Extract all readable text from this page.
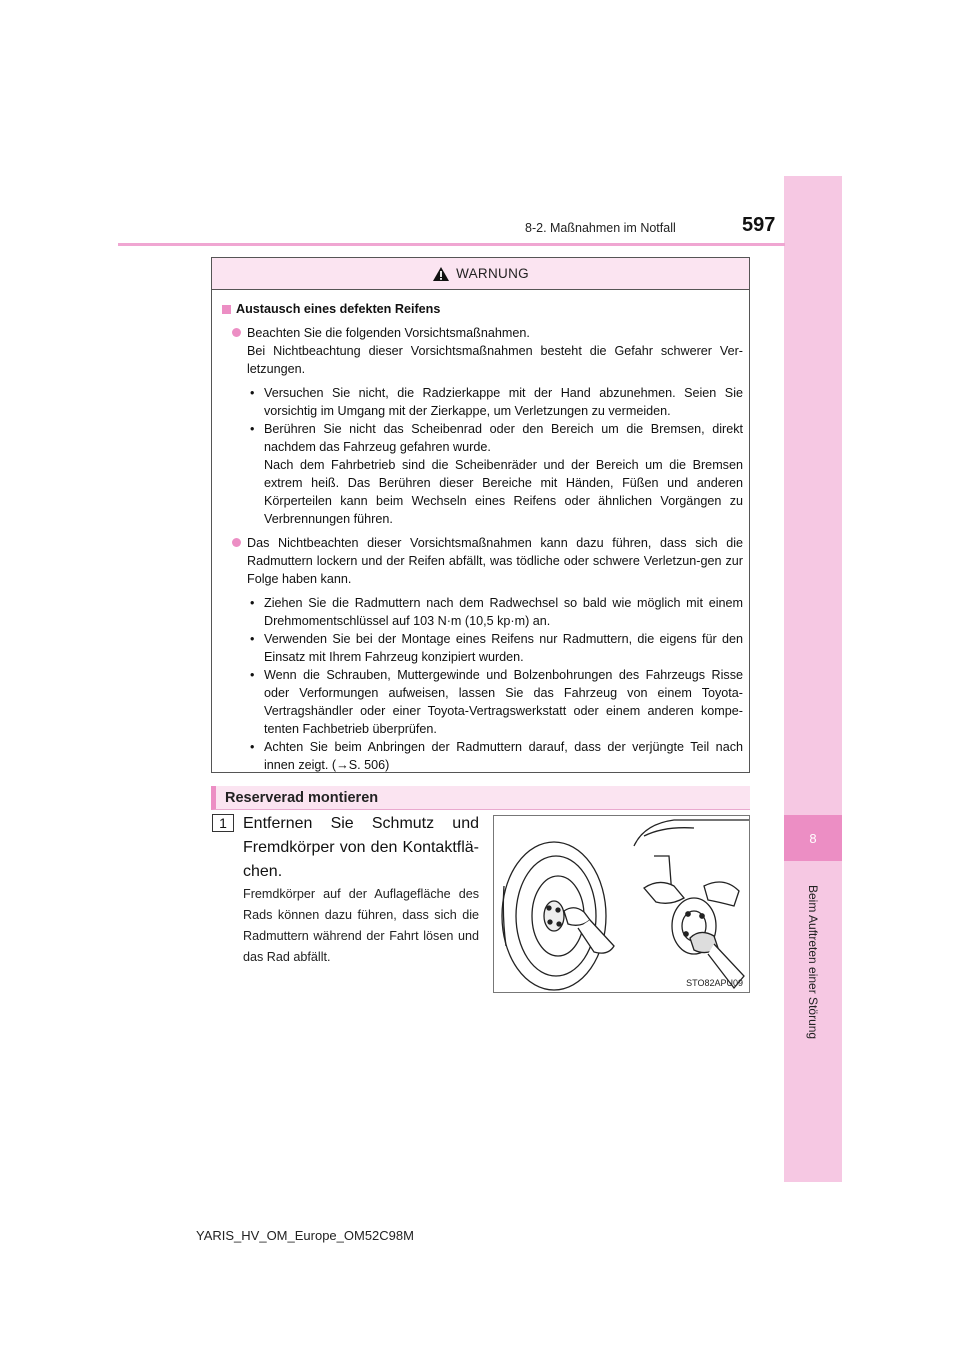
8
Beim Auftreten einer Störung
8-2. Maßnahmen im Notfall	597
WARNUNG
Austausch eines defekten Reifens
Beachten Sie die folgenden Vorsichtsmaßnahmen.
Bei Nichtbeachtung dieser Vorsichtsmaßnahmen besteht die Gefahr schwerer Ver-letzungen.
• Versuchen Sie nicht, die Radzierkappe mit der Hand abzunehmen. Seien Sie vorsichtig im Umgang mit der Zierkappe, um Verletzungen zu vermeiden.
• Berühren Sie nicht das Scheibenrad oder den Bereich um die Bremsen, direkt nachdem das Fahrzeug gefahren wurde.
Nach dem Fahrbetrieb sind die Scheibenräder und der Bereich um die Bremsen extrem heiß. Das Berühren dieser Bereiche mit Händen, Füßen und anderen Körperteilen kann beim Wechseln eines Reifens oder ähnlichen Vorgängen zu Verbrennungen führen.
Das Nichtbeachten dieser Vorsichtsmaßnahmen kann dazu führen, dass sich die Radmuttern lockern und der Reifen abfällt, was tödliche oder schwere Verletzun-gen zur Folge haben kann.
• Ziehen Sie die Radmuttern nach dem Radwechsel so bald wie möglich mit einem Drehmomentschlüssel auf 103 N·m (10,5 kp·m) an.
• Verwenden Sie bei der Montage eines Reifens nur Radmuttern, die eigens für den Einsatz mit Ihrem Fahrzeug konzipiert wurden.
• Wenn die Schrauben, Muttergewinde und Bolzenbohrungen des Fahrzeugs Risse oder Verformungen aufweisen, lassen Sie das Fahrzeug von einem Toyota-Vertragshändler oder einer Toyota-Vertragswerkstatt oder einem anderen kompe-tenten Fachbetrieb überprüfen.
• Achten Sie beim Anbringen der Radmuttern darauf, dass der verjüngte Teil nach innen zeigt. (→S. 506)
Reserverad montieren
1	Entfernen Sie Schmutz und Fremdkörper von den Kontaktflä-chen.
Fremdkörper auf der Auflagefläche des Rads können dazu führen, dass sich die Radmuttern während der Fahrt lösen und das Rad abfällt.
STO82APU09
YARIS_HV_OM_Europe_OM52C98M
